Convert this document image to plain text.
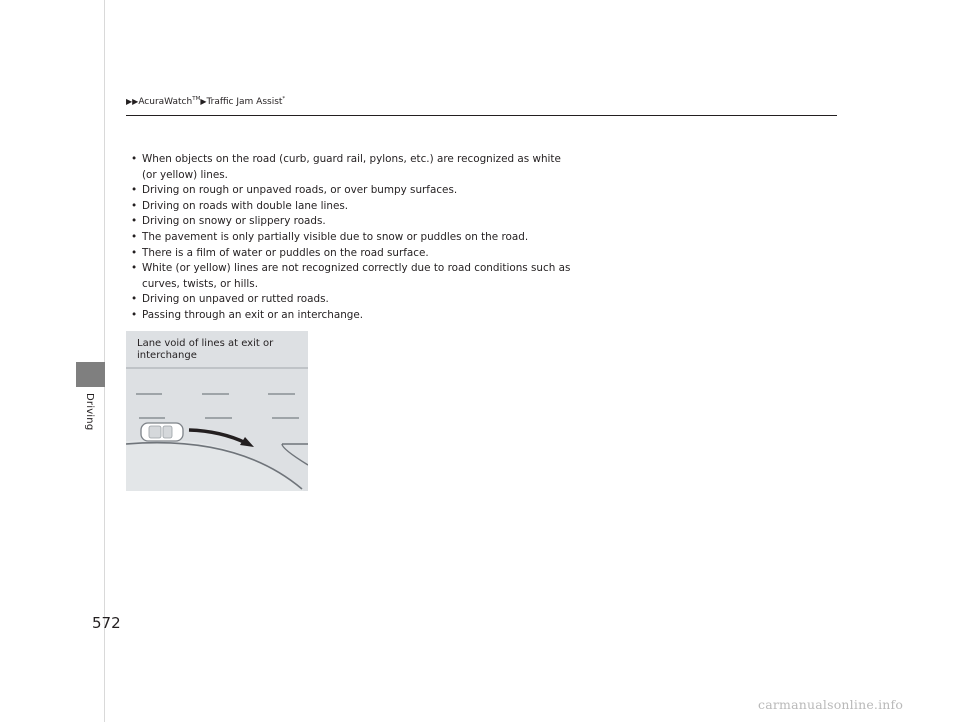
Driving
▶▶AcuraWatch™▶Traffic Jam Assist*
• When objects on the road (curb, guard rail, pylons, etc.) are recognized as white
(or yellow) lines.
• Driving on rough or unpaved roads, or over bumpy surfaces.
• Driving on roads with double lane lines.
• Driving on snowy or slippery roads.
• The pavement is only partially visible due to snow or puddles on the road.
• There is a film of water or puddles on the road surface.
• White (or yellow) lines are not recognized correctly due to road conditions such as
curves, twists, or hills.
• Driving on unpaved or rutted roads.
• Passing through an exit or an interchange.
Lane void of lines at exit or
interchange
572
carmanualsonline.info
